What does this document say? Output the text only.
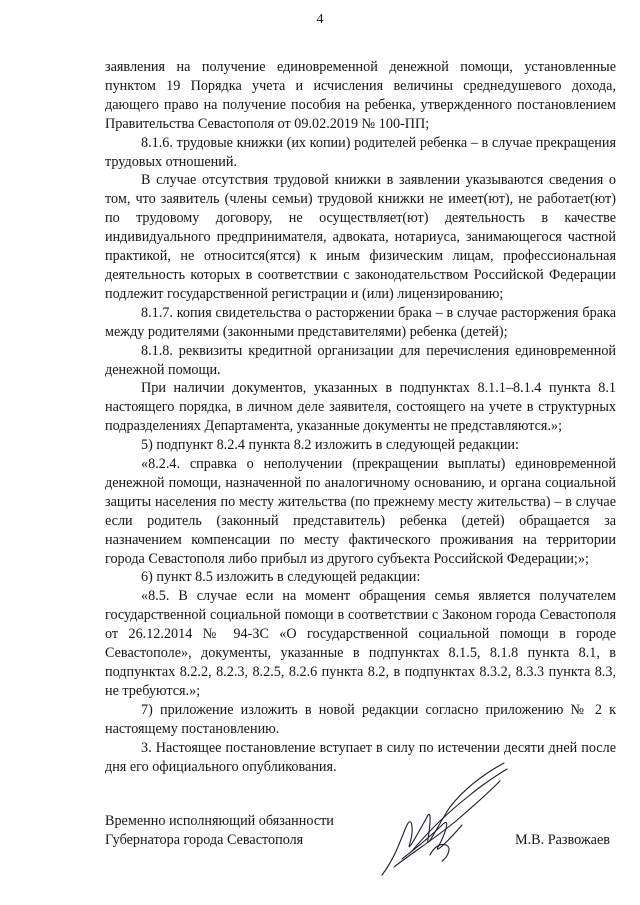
4

заявления на получение единовременной денежной помощи, установленные пунктом 19 Порядка учета и исчисления величины среднедушевого дохода, дающего право на получение пособия на ребенка, утвержденного постановлением Правительства Севастополя от 09.02.2019 № 100-ПП;

8.1.6. трудовые книжки (их копии) родителей ребенка – в случае прекращения трудовых отношений.

В случае отсутствия трудовой книжки в заявлении указываются сведения о том, что заявитель (члены семьи) трудовой книжки не имеет(ют), не работает(ют) по трудовому договору, не осуществляет(ют) деятельность в качестве индивидуального предпринимателя, адвоката, нотариуса, занимающегося частной практикой, не относится(ятся) к иным физическим лицам, профессиональная деятельность которых в соответствии с законодательством Российской Федерации подлежит государственной регистрации и (или) лицензированию;

8.1.7. копия свидетельства о расторжении брака – в случае расторжения брака между родителями (законными представителями) ребенка (детей);

8.1.8. реквизиты кредитной организации для перечисления единовременной денежной помощи.

При наличии документов, указанных в подпунктах 8.1.1–8.1.4 пункта 8.1 настоящего порядка, в личном деле заявителя, состоящего на учете в структурных подразделениях Департамента, указанные документы не представляются.»;

5) подпункт 8.2.4 пункта 8.2 изложить в следующей редакции:

«8.2.4. справка о неполучении (прекращении выплаты) единовременной денежной помощи, назначенной по аналогичному основанию, и органа социальной защиты населения по месту жительства (по прежнему месту жительства) – в случае если родитель (законный представитель) ребенка (детей) обращается за назначением компенсации по месту фактического проживания на территории города Севастополя либо прибыл из другого субъекта Российской Федерации;»;

6) пункт 8.5 изложить в следующей редакции:

«8.5. В случае если на момент обращения семья является получателем государственной социальной помощи в соответствии с Законом города Севастополя от 26.12.2014 № 94-ЗС «О государственной социальной помощи в городе Севастополе», документы, указанные в подпунктах 8.1.5, 8.1.8 пункта 8.1, в подпунктах 8.2.2, 8.2.3, 8.2.5, 8.2.6 пункта 8.2, в подпунктах 8.3.2, 8.3.3 пункта 8.3, не требуются.»;

7) приложение изложить в новой редакции согласно приложению № 2 к настоящему постановлению.

3. Настоящее постановление вступает в силу по истечении десяти дней после дня его официального опубликования.

Временно исполняющий обязанности
Губернатора города Севастополя	М.В. Развожаев
